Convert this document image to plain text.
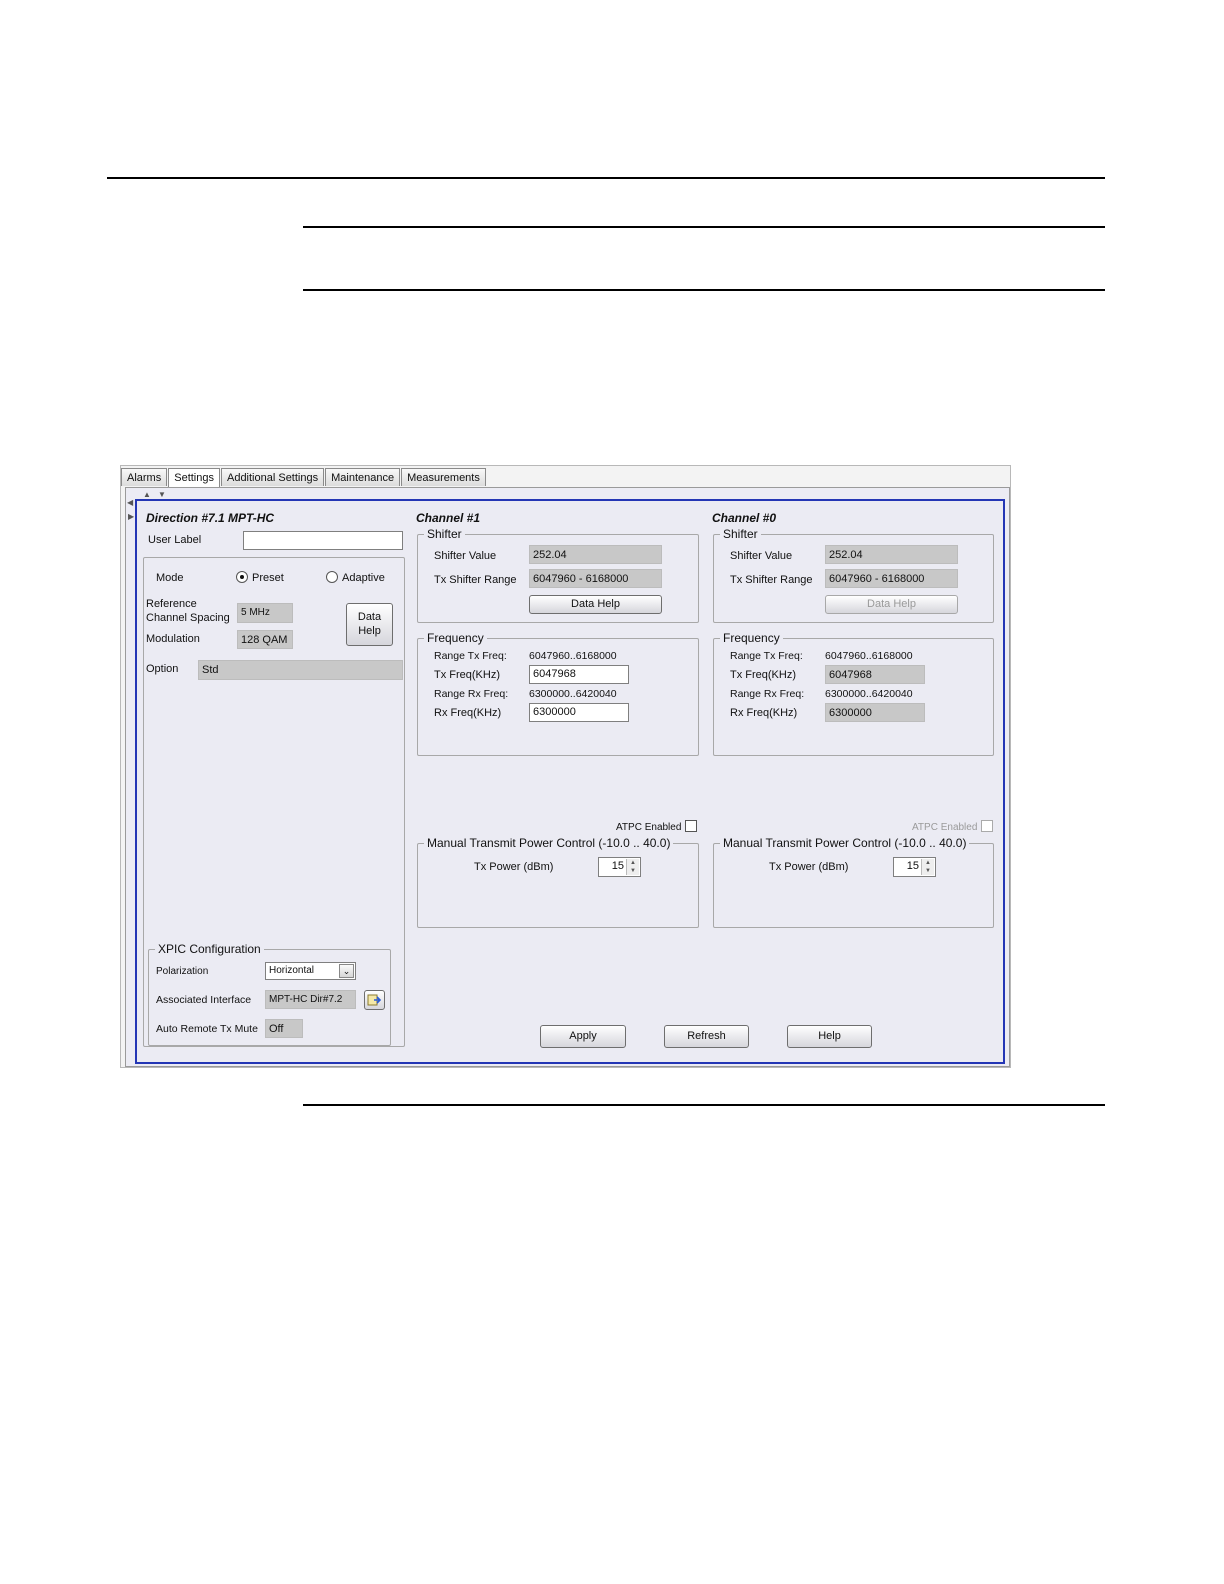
Alarms	Settings	Additional Settings	Maintenance	Measurements
▲ ▼
◀
▶ Direction #7.1 MPT-HC
User Label
Mode	Preset	Adaptive
Reference
Channel Spacing	5 MHz
Modulation	128 QAM
Data
Help
Option	Std
XPIC Configuration
Polarization	Horizontal	⌄
Associated Interface	MPT-HC Dir#7.2
Auto Remote Tx Mute	Off
Channel #1
Shifter
Shifter Value	252.04
Tx Shifter Range	6047960 - 6168000
Data Help
Frequency
Range Tx Freq: 6047960..6168000
Tx Freq(KHz)	6047968
Range Rx Freq: 6300000..6420040
Rx Freq(KHz)	6300000
ATPC Enabled
Manual Transmit Power Control (-10.0 .. 40.0)
Tx Power (dBm)	15	▲
▼
Channel #0
Shifter
Shifter Value	252.04
Tx Shifter Range	6047960 - 6168000
Data Help
Frequency
Range Tx Freq: 6047960..6168000
Tx Freq(KHz)	6047968
Range Rx Freq: 6300000..6420040
Rx Freq(KHz)	6300000
ATPC Enabled
Manual Transmit Power Control (-10.0 .. 40.0)
Tx Power (dBm)	15	▲
▼
Apply	Refresh	Help
